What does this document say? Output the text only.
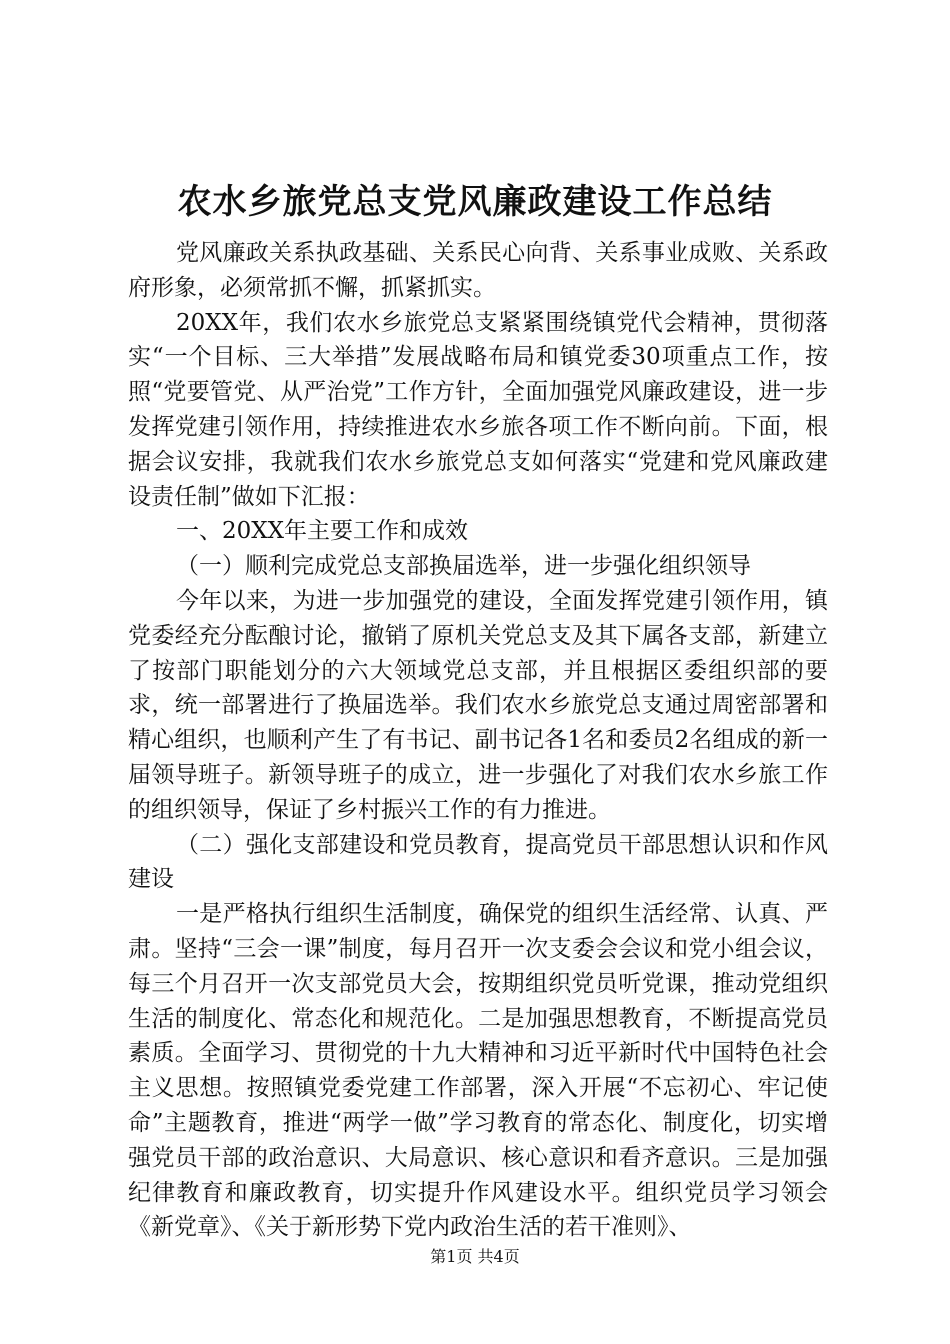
农水乡旅党总支党风廉政建设工作总结

党风廉政关系执政基础、关系民心向背、关系事业成败、关系政府形象，必须常抓不懈，抓紧抓实。

20XX年，我们农水乡旅党总支紧紧围绕镇党代会精神，贯彻落实“一个目标、三大举措”发展战略布局和镇党委30项重点工作，按照“党要管党、从严治党”工作方针，全面加强党风廉政建设，进一步发挥党建引领作用，持续推进农水乡旅各项工作不断向前。下面，根据会议安排，我就我们农水乡旅党总支如何落实“党建和党风廉政建设责任制”做如下汇报：

一、20XX年主要工作和成效

（一）顺利完成党总支部换届选举，进一步强化组织领导

今年以来，为进一步加强党的建设，全面发挥党建引领作用，镇党委经充分酝酿讨论，撤销了原机关党总支及其下属各支部，新建立了按部门职能划分的六大领域党总支部，并且根据区委组织部的要求，统一部署进行了换届选举。我们农水乡旅党总支通过周密部署和精心组织，也顺利产生了有书记、副书记各1名和委员2名组成的新一届领导班子。新领导班子的成立，进一步强化了对我们农水乡旅工作的组织领导，保证了乡村振兴工作的有力推进。

（二）强化支部建设和党员教育，提高党员干部思想认识和作风建设

一是严格执行组织生活制度，确保党的组织生活经常、认真、严肃。坚持“三会一课”制度，每月召开一次支委会会议和党小组会议，每三个月召开一次支部党员大会，按期组织党员听党课，推动党组织生活的制度化、常态化和规范化。二是加强思想教育，不断提高党员素质。全面学习、贯彻党的十九大精神和习近平新时代中国特色社会主义思想。按照镇党委党建工作部署，深入开展“不忘初心、牢记使命”主题教育，推进“两学一做”学习教育的常态化、制度化，切实增强党员干部的政治意识、大局意识、核心意识和看齐意识。三是加强纪律教育和廉政教育，切实提升作风建设水平。组织党员学习领会《新党章》、《关于新形势下党内政治生活的若干准则》、

第1页 共4页
